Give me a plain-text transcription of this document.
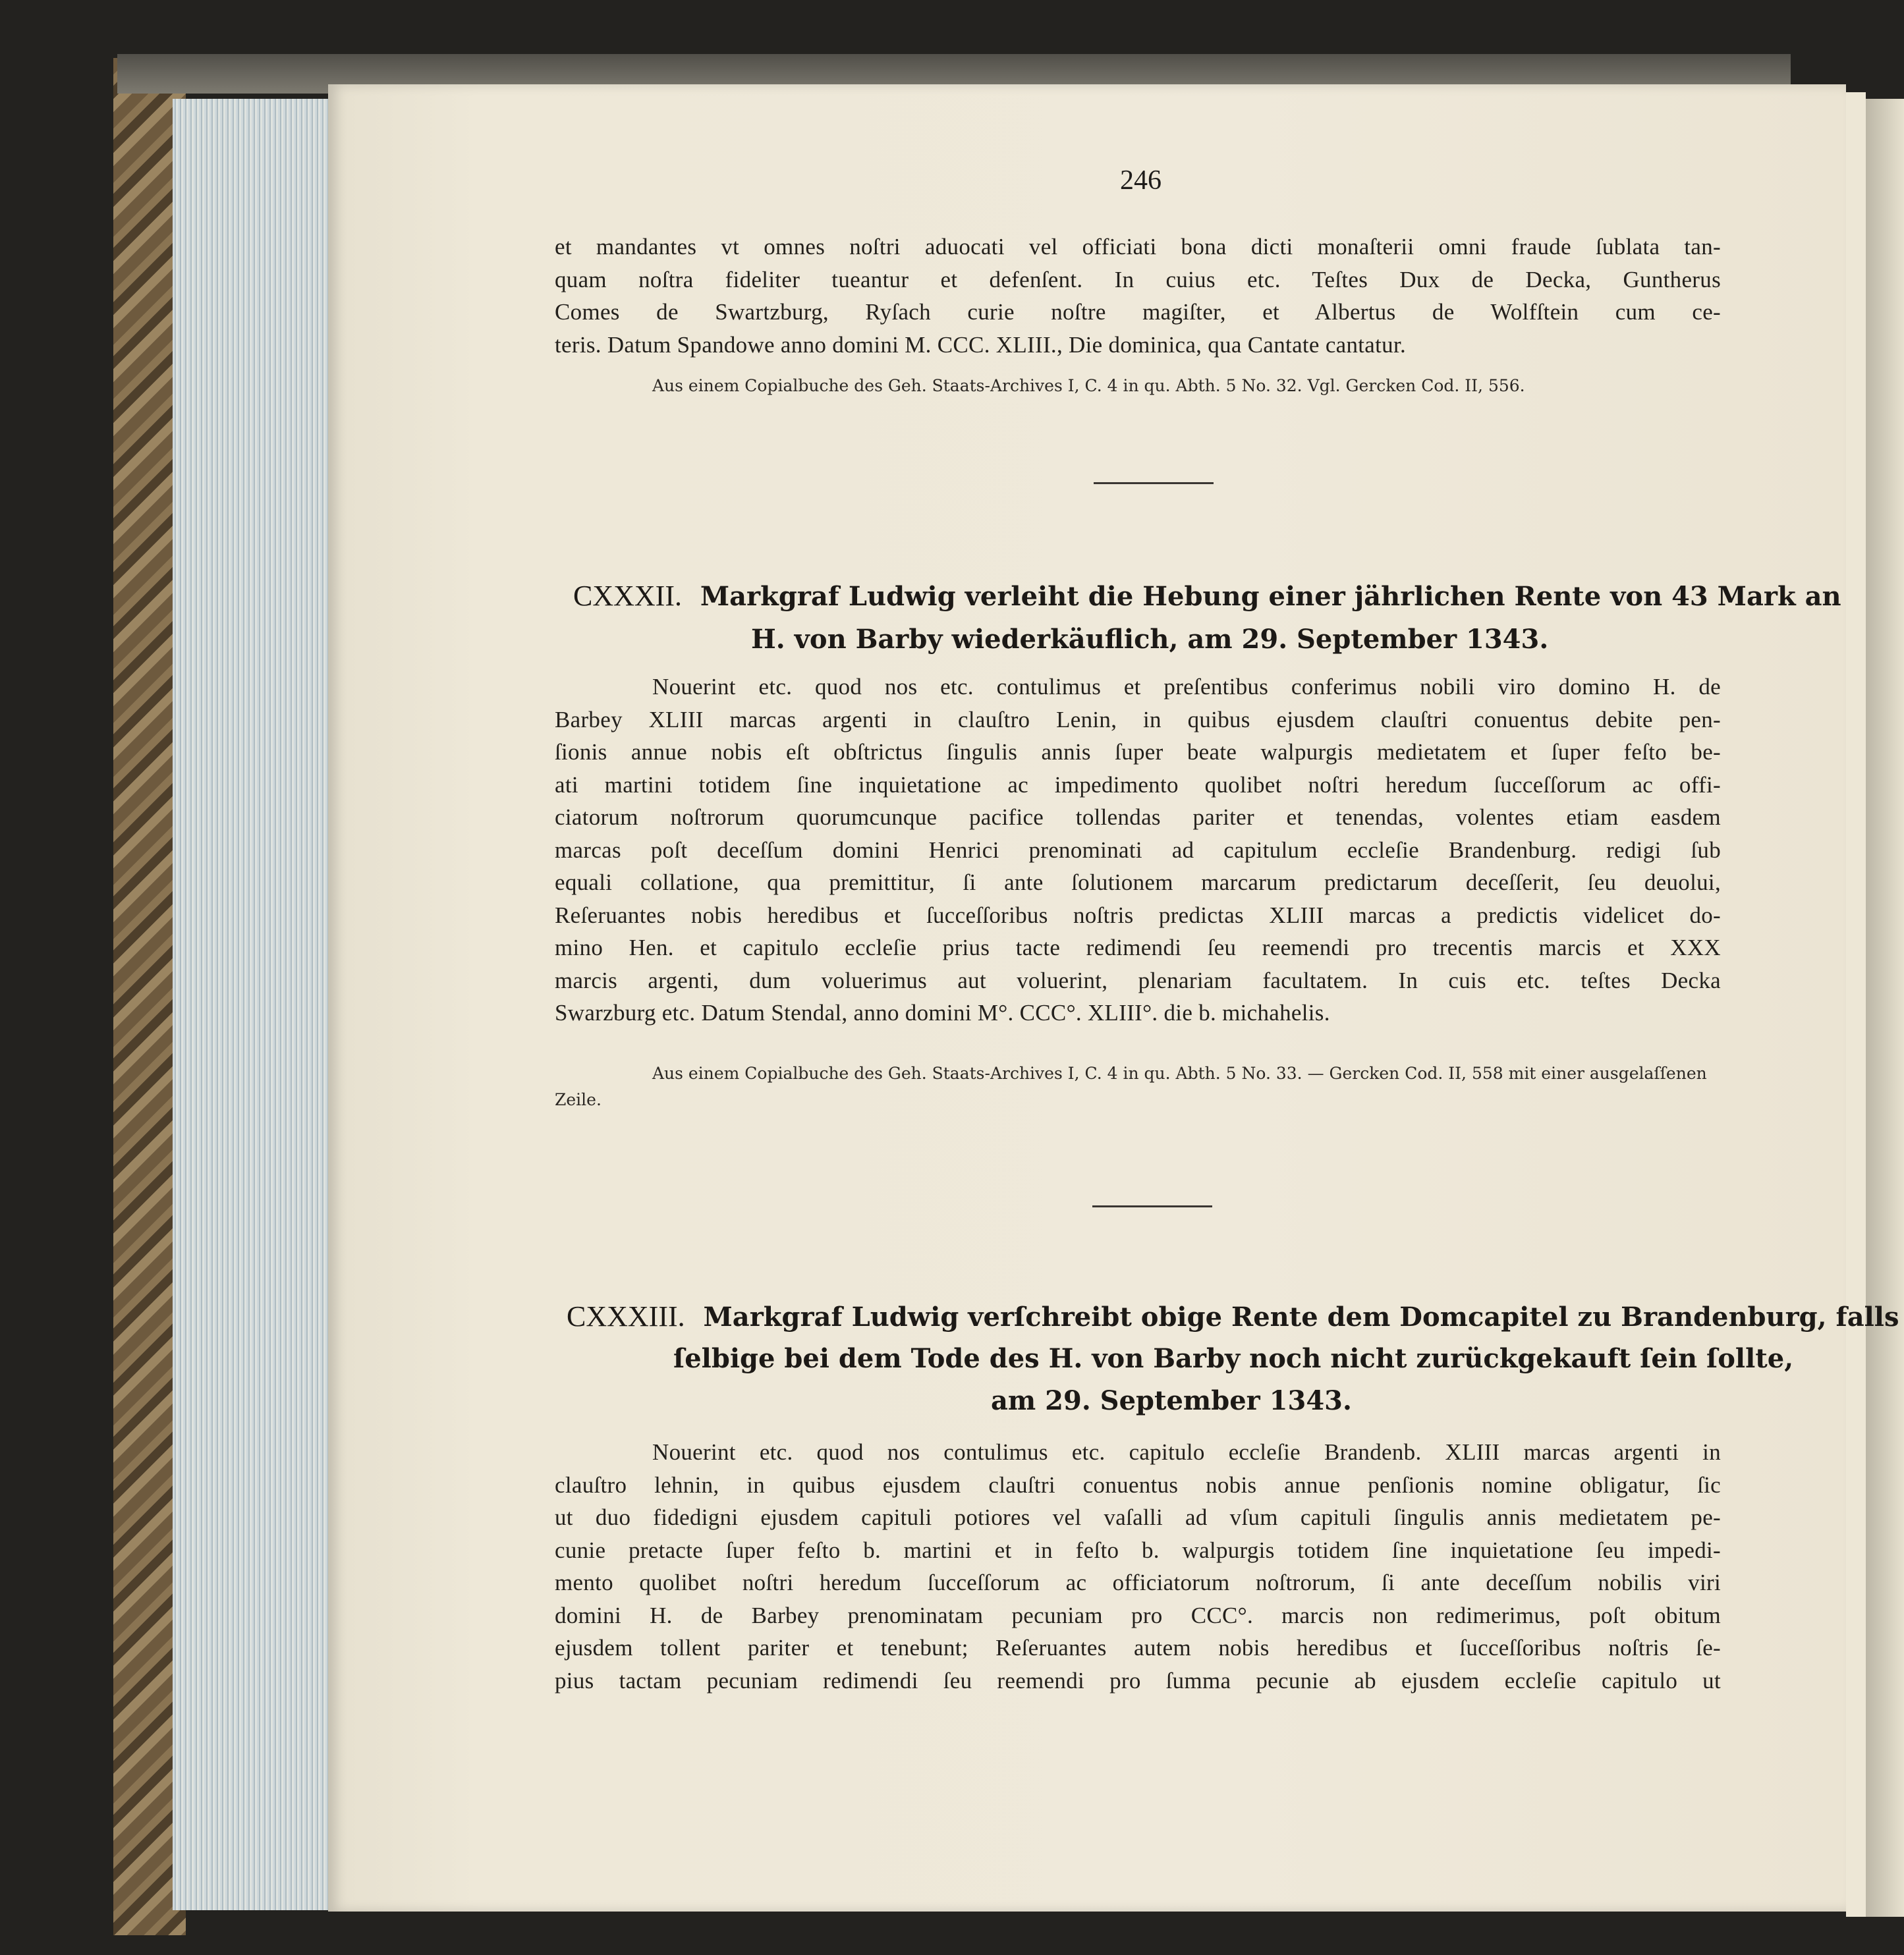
246
et mandantes vt omnes noſtri aduocati vel officiati bona dicti monaſterii omni fraude ſublata tan-
quam noſtra fideliter tueantur et defenſent. In cuius etc. Teſtes Dux de Decka, Guntherus
Comes de Swartzburg, Ryſach curie noſtre magiſter, et Albertus de Wolfſtein cum ce-
teris. Datum Spandowe anno domini M. CCC. XLIII., Die dominica, qua Cantate cantatur.
Aus einem Copialbuche des Geh. Staats-Archives I, C. 4 in qu. Abth. 5 No. 32. Vgl. Gercken Cod. II, 556.
CXXXII. Markgraf Ludwig verleiht die Hebung einer jährlichen Rente von 43 Mark an
H. von Barby wiederkäuflich, am 29. September 1343.
Nouerint etc. quod nos etc. contulimus et preſentibus conferimus nobili viro domino H. de
Barbey XLIII marcas argenti in clauſtro Lenin, in quibus ejusdem clauſtri conuentus debite pen-
ſionis annue nobis eſt obſtrictus ſingulis annis ſuper beate walpurgis medietatem et ſuper feſto be-
ati martini totidem ſine inquietatione ac impedimento quolibet noſtri heredum ſucceſſorum ac offi-
ciatorum noſtrorum quorumcunque pacifice tollendas pariter et tenendas, volentes etiam easdem
marcas poſt deceſſum domini Henrici prenominati ad capitulum eccleſie Brandenburg. redigi ſub
equali collatione, qua premittitur, ſi ante ſolutionem marcarum predictarum deceſſerit, ſeu deuolui,
Reſeruantes nobis heredibus et ſucceſſoribus noſtris predictas XLIII marcas a predictis videlicet do-
mino Hen. et capitulo eccleſie prius tacte redimendi ſeu reemendi pro trecentis marcis et XXX
marcis argenti, dum voluerimus aut voluerint, plenariam facultatem. In cuis etc. teſtes Decka
Swarzburg etc. Datum Stendal, anno domini M°. CCC°. XLIII°. die b. michahelis.
Aus einem Copialbuche des Geh. Staats-Archives I, C. 4 in qu. Abth. 5 No. 33. — Gercken Cod. II, 558 mit einer ausgelaſſenen Zeile.
CXXXIII. Markgraf Ludwig verſchreibt obige Rente dem Domcapitel zu Brandenburg, falls
ſelbige bei dem Tode des H. von Barby noch nicht zurückgekauft ſein ſollte,
am 29. September 1343.
Nouerint etc. quod nos contulimus etc. capitulo eccleſie Brandenb. XLIII marcas argenti in
clauſtro lehnin, in quibus ejusdem clauſtri conuentus nobis annue penſionis nomine obligatur, ſic
ut duo fidedigni ejusdem capituli potiores vel vaſalli ad vſum capituli ſingulis annis medietatem pe-
cunie pretacte ſuper feſto b. martini et in feſto b. walpurgis totidem ſine inquietatione ſeu impedi-
mento quolibet noſtri heredum ſucceſſorum ac officiatorum noſtrorum, ſi ante deceſſum nobilis viri
domini H. de Barbey prenominatam pecuniam pro CCC°. marcis non redimerimus, poſt obitum
ejusdem tollent pariter et tenebunt; Reſeruantes autem nobis heredibus et ſucceſſoribus noſtris ſe-
pius tactam pecuniam redimendi ſeu reemendi pro ſumma pecunie ab ejusdem eccleſie capitulo ut
